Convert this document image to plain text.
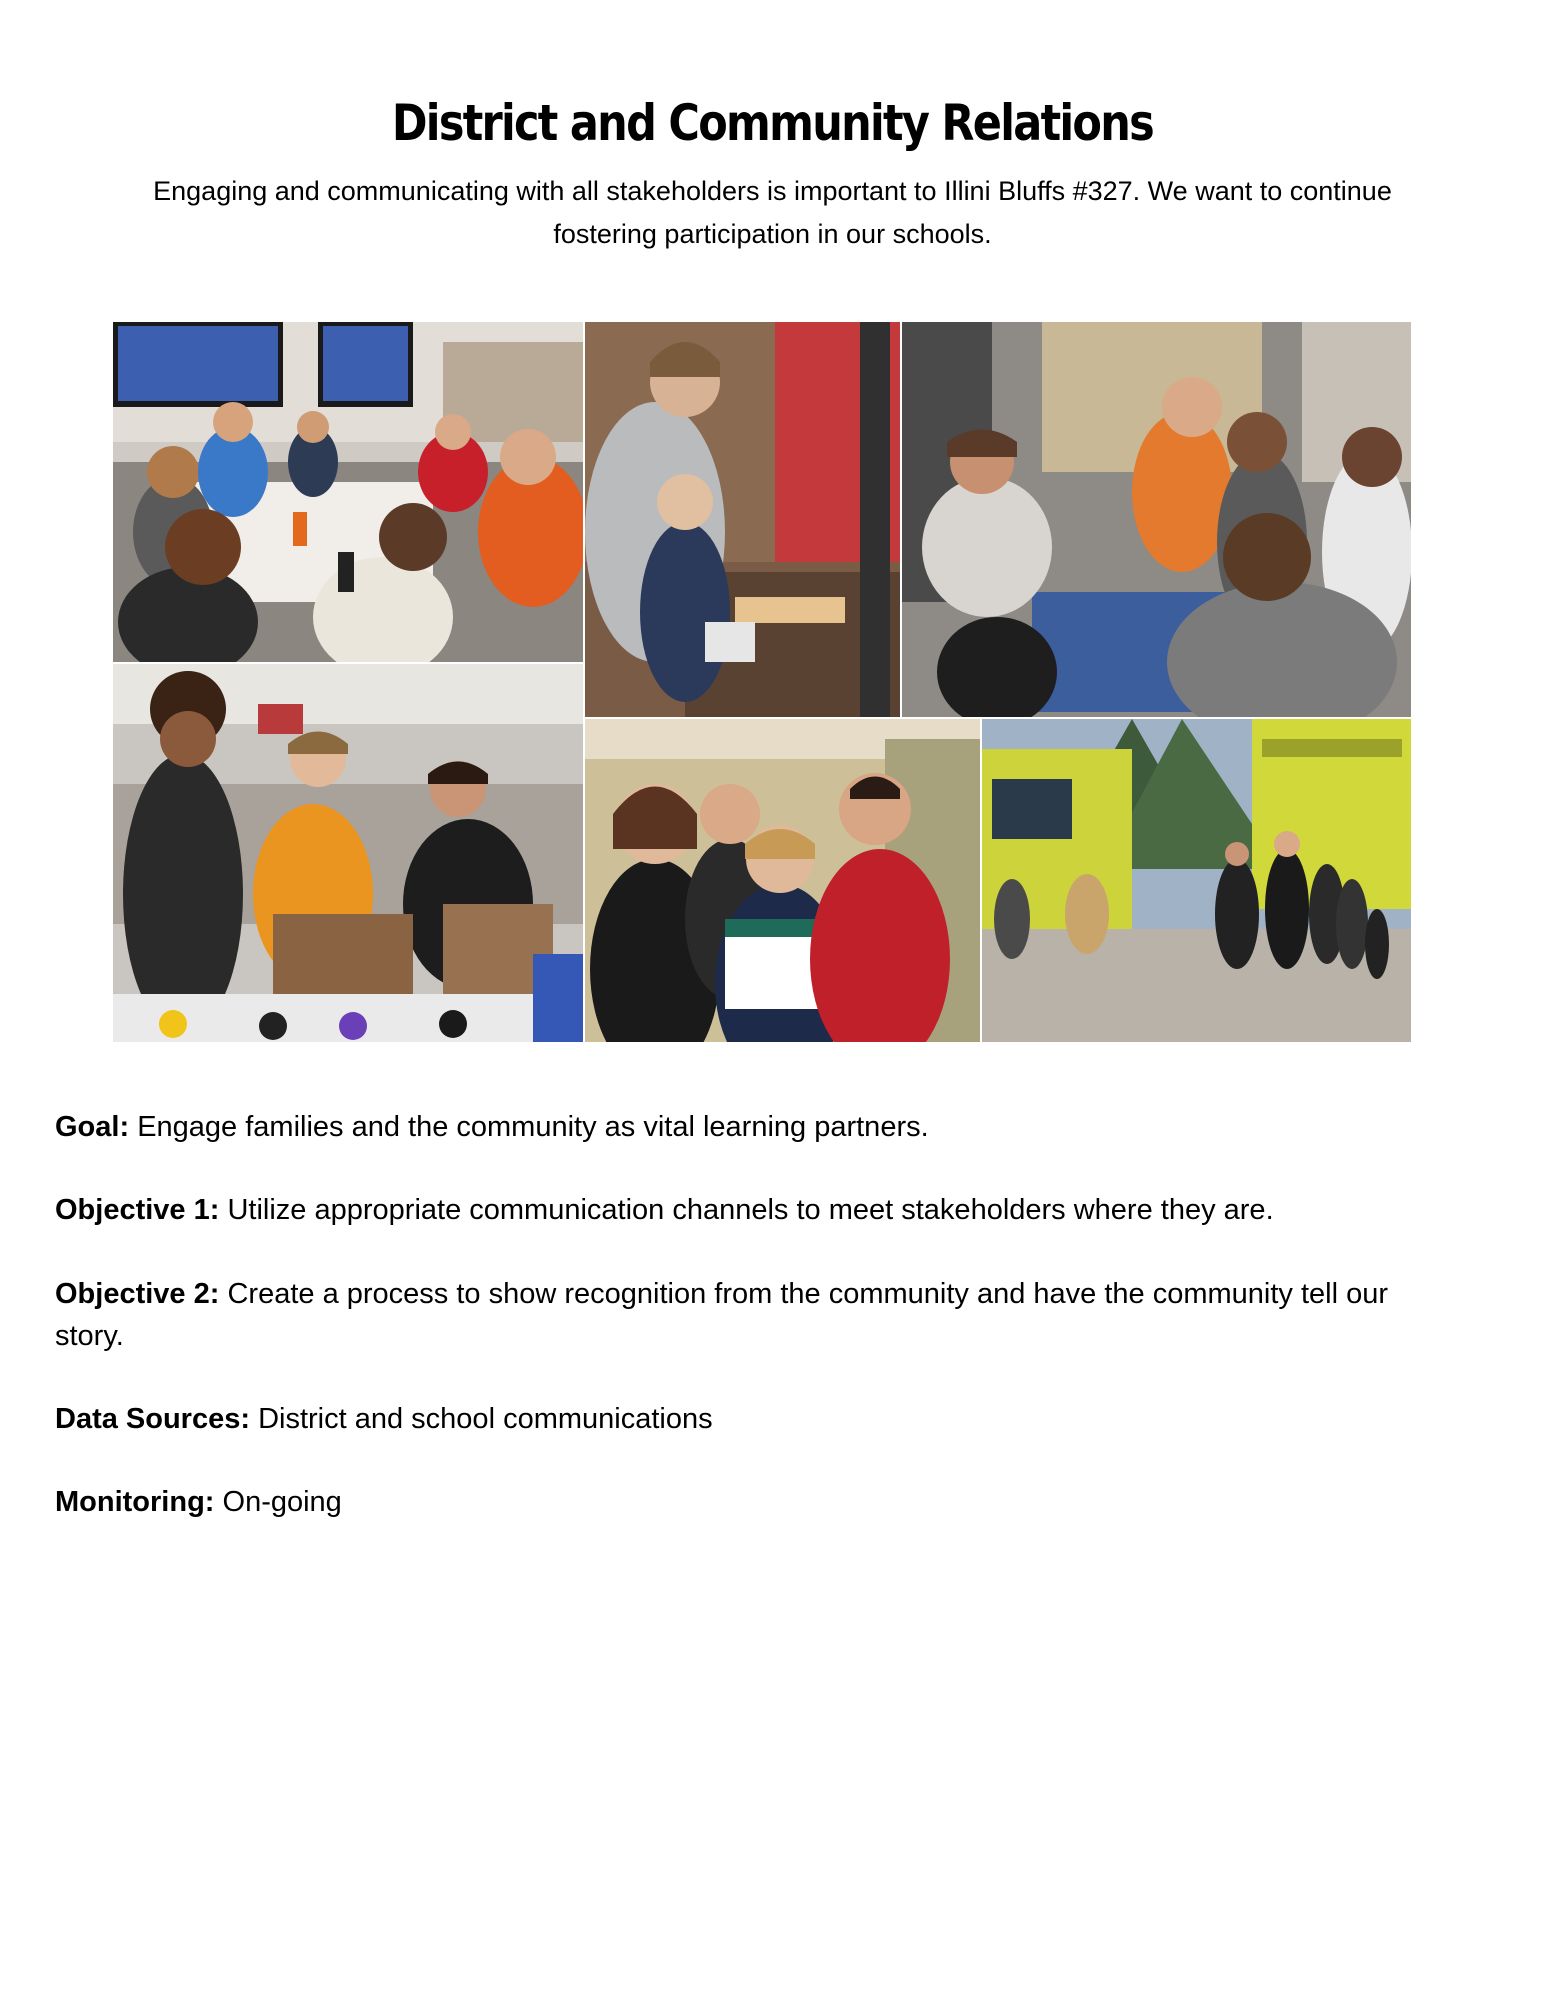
District and Community Relations

Engaging and communicating with all stakeholders is important to Illini Bluffs #327. We want to continue fostering participation in our schools.

Goal: Engage families and the community as vital learning partners.

Objective 1: Utilize appropriate communication channels to meet stakeholders where they are.

Objective 2: Create a process to show recognition from the community and have the community tell our story.

Data Sources: District and school communications

Monitoring: On-going
